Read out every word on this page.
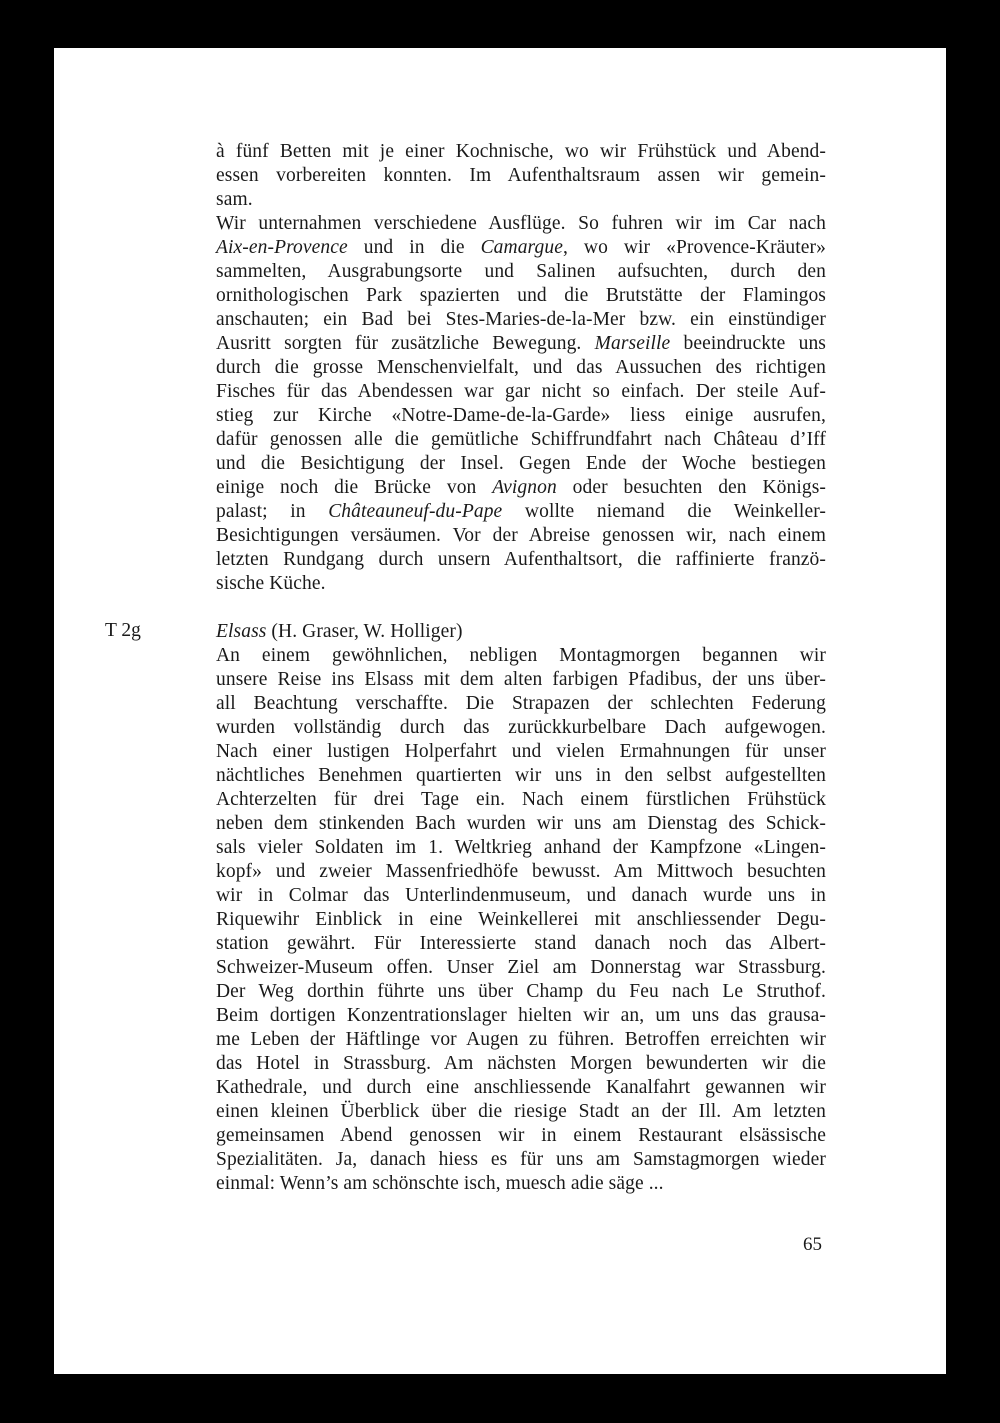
à fünf Betten mit je einer Kochnische, wo wir Frühstück und Abend-
essen vorbereiten konnten. Im Aufenthaltsraum assen wir gemein-
sam.
Wir unternahmen verschiedene Ausflüge. So fuhren wir im Car nach
Aix-en-Provence und in die Camargue, wo wir «Provence-Kräuter»
sammelten, Ausgrabungsorte und Salinen aufsuchten, durch den
ornithologischen Park spazierten und die Brutstätte der Flamingos
anschauten; ein Bad bei Stes-Maries-de-la-Mer bzw. ein einstündiger
Ausritt sorgten für zusätzliche Bewegung. Marseille beeindruckte uns
durch die grosse Menschenvielfalt, und das Aussuchen des richtigen
Fisches für das Abendessen war gar nicht so einfach. Der steile Auf-
stieg zur Kirche «Notre-Dame-de-la-Garde» liess einige ausrufen,
dafür genossen alle die gemütliche Schiffrundfahrt nach Château d’Iff
und die Besichtigung der Insel. Gegen Ende der Woche bestiegen
einige noch die Brücke von Avignon oder besuchten den Königs-
palast; in Châteauneuf-du-Pape wollte niemand die Weinkeller-
Besichtigungen versäumen. Vor der Abreise genossen wir, nach einem
letzten Rundgang durch unsern Aufenthaltsort, die raffinierte franzö-
sische Küche.
T 2g	Elsass (H. Graser, W. Holliger)
An einem gewöhnlichen, nebligen Montagmorgen begannen wir
unsere Reise ins Elsass mit dem alten farbigen Pfadibus, der uns über-
all Beachtung verschaffte. Die Strapazen der schlechten Federung
wurden vollständig durch das zurückkurbelbare Dach aufgewogen.
Nach einer lustigen Holperfahrt und vielen Ermahnungen für unser
nächtliches Benehmen quartierten wir uns in den selbst aufgestellten
Achterzelten für drei Tage ein. Nach einem fürstlichen Frühstück
neben dem stinkenden Bach wurden wir uns am Dienstag des Schick-
sals vieler Soldaten im 1. Weltkrieg anhand der Kampfzone «Lingen-
kopf» und zweier Massenfriedhöfe bewusst. Am Mittwoch besuchten
wir in Colmar das Unterlindenmuseum, und danach wurde uns in
Riquewihr Einblick in eine Weinkellerei mit anschliessender Degu-
station gewährt. Für Interessierte stand danach noch das Albert-
Schweizer-Museum offen. Unser Ziel am Donnerstag war Strassburg.
Der Weg dorthin führte uns über Champ du Feu nach Le Struthof.
Beim dortigen Konzentrationslager hielten wir an, um uns das grausa-
me Leben der Häftlinge vor Augen zu führen. Betroffen erreichten wir
das Hotel in Strassburg. Am nächsten Morgen bewunderten wir die
Kathedrale, und durch eine anschliessende Kanalfahrt gewannen wir
einen kleinen Überblick über die riesige Stadt an der Ill. Am letzten
gemeinsamen Abend genossen wir in einem Restaurant elsässische
Spezialitäten. Ja, danach hiess es für uns am Samstagmorgen wieder
einmal: Wenn’s am schönschte isch, muesch adie säge ...
65
